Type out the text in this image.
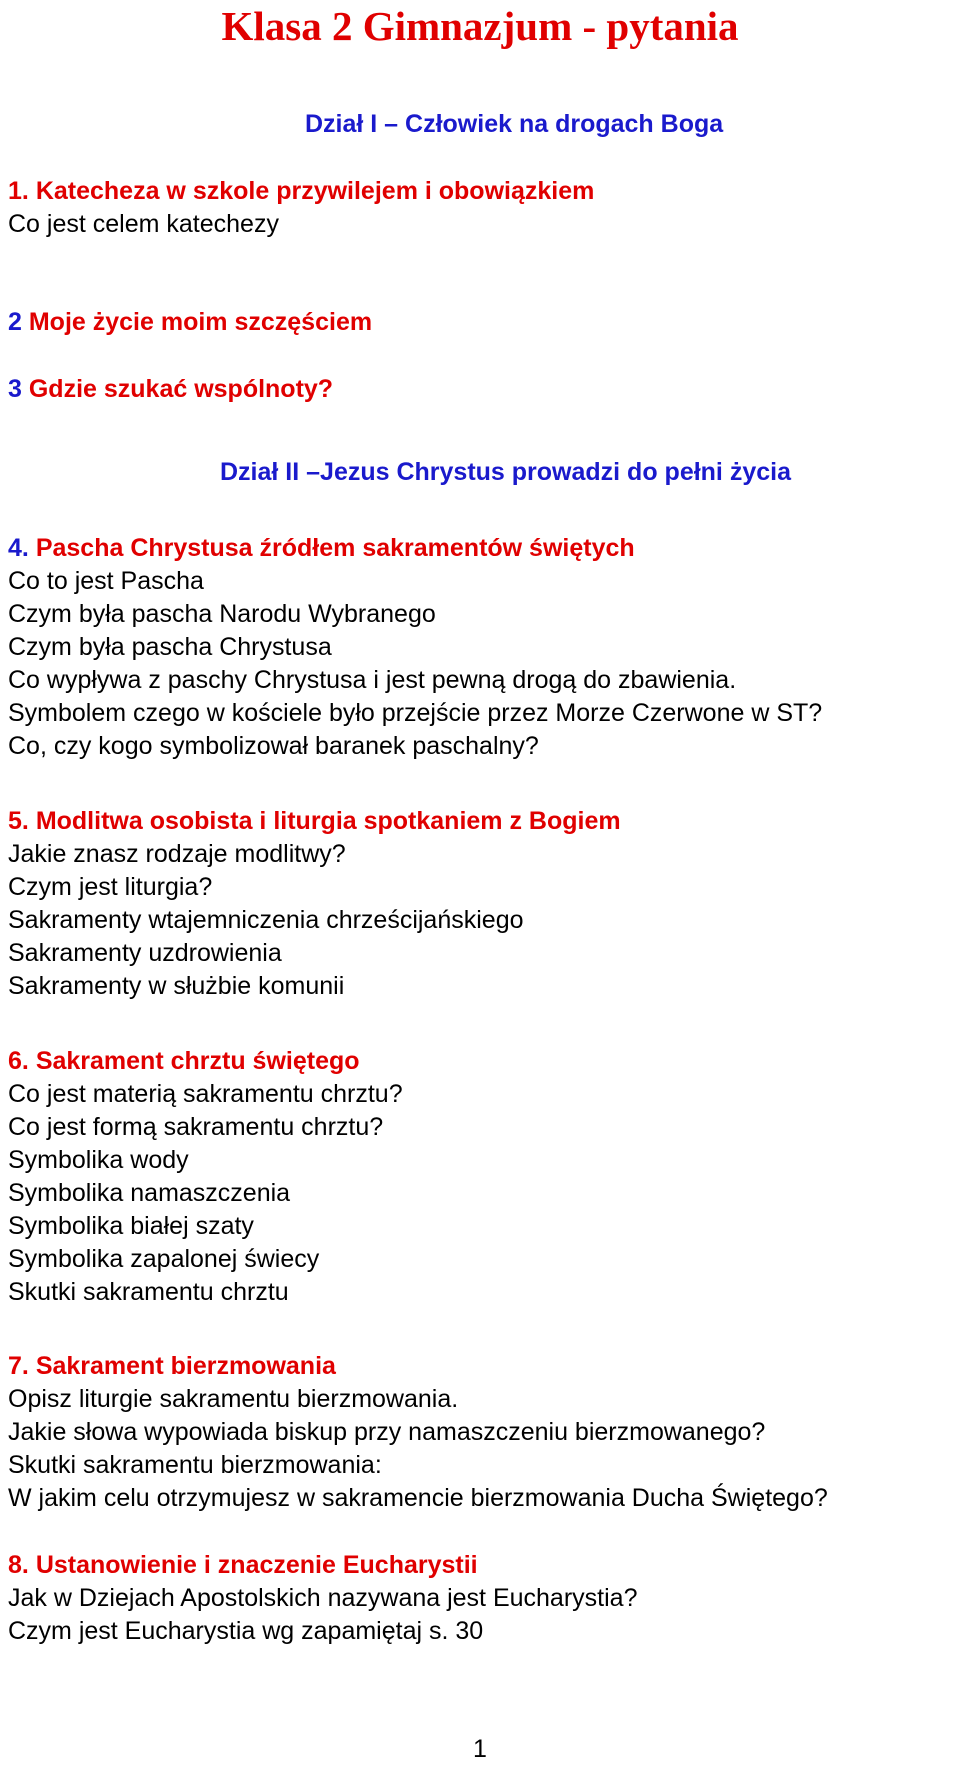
Klasa 2 Gimnazjum - pytania
Dział I – Człowiek na drogach Boga
1. Katecheza w szkole przywilejem i obowiązkiem
Co jest celem katechezy
2 Moje życie moim szczęściem
3 Gdzie szukać wspólnoty?
Dział II –Jezus Chrystus prowadzi do pełni życia
4. Pascha Chrystusa źródłem sakramentów świętych
Co to jest Pascha
Czym była pascha Narodu Wybranego
Czym była pascha Chrystusa
Co wypływa z paschy Chrystusa i jest pewną drogą do zbawienia.
Symbolem czego w kościele było przejście przez Morze Czerwone w ST?
Co, czy kogo symbolizował baranek paschalny?
5. Modlitwa osobista i liturgia spotkaniem z Bogiem
Jakie znasz rodzaje modlitwy?
Czym jest liturgia?
Sakramenty wtajemniczenia chrześcijańskiego
Sakramenty uzdrowienia
Sakramenty w służbie komunii
6. Sakrament chrztu świętego
Co jest materią sakramentu chrztu?
Co jest formą sakramentu chrztu?
Symbolika wody
Symbolika namaszczenia
Symbolika białej szaty
Symbolika zapalonej świecy
Skutki sakramentu chrztu
7. Sakrament bierzmowania
Opisz liturgie sakramentu bierzmowania.
Jakie słowa wypowiada biskup przy namaszczeniu bierzmowanego?
Skutki sakramentu bierzmowania:
W jakim celu otrzymujesz w sakramencie bierzmowania Ducha Świętego?
8. Ustanowienie i znaczenie Eucharystii
Jak w Dziejach Apostolskich nazywana jest Eucharystia?
Czym jest Eucharystia wg zapamiętaj s. 30
1
